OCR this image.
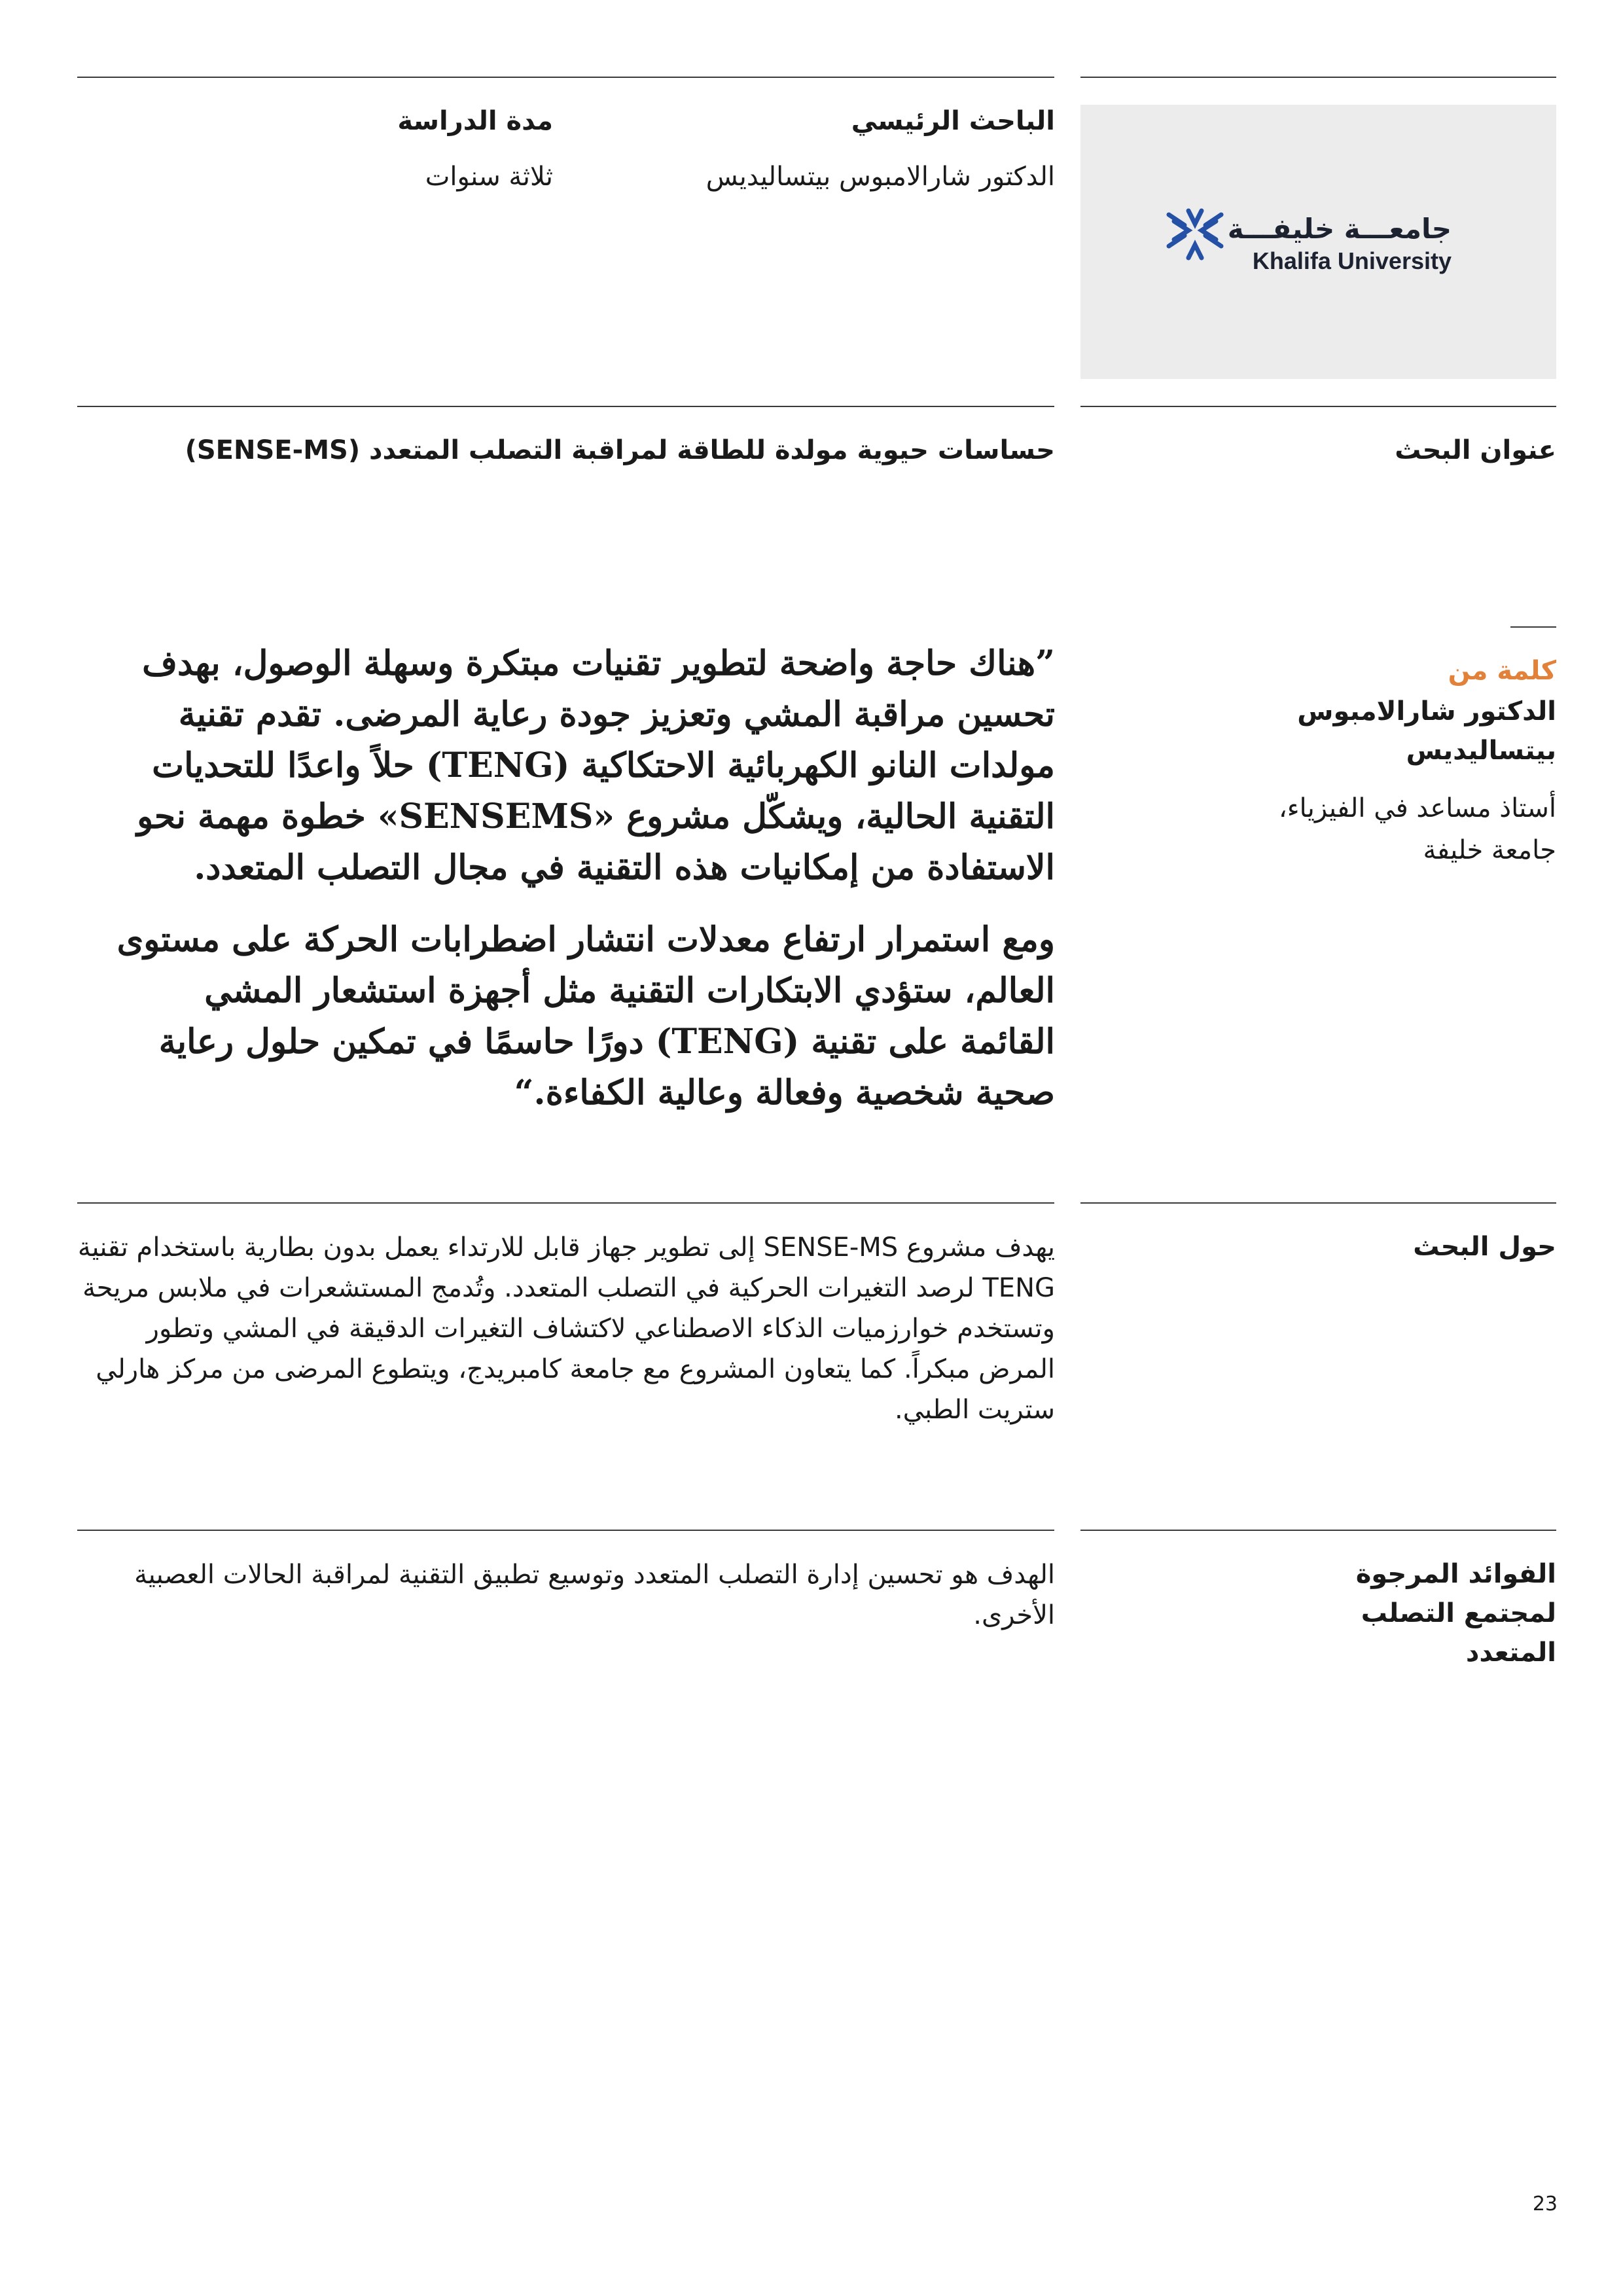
جامعـــة خليفـــة
Khalifa University
الباحث الرئيسي
الدكتور شارالامبوس بيتساليديس
مدة الدراسة
ثلاثة سنوات
عنوان البحث
حساسات حيوية مولدة للطاقة لمراقبة التصلب المتعدد (SENSE-MS)
كلمة من
الدكتور شارالامبوس بيتساليديس
أستاذ مساعد في الفيزياء، جامعة خليفة

”هناك حاجة واضحة لتطوير تقنيات مبتكرة وسهلة الوصول، بهدف تحسين مراقبة المشي وتعزيز جودة رعاية المرضى. تقدم تقنية مولدات النانو الكهربائية الاحتكاكية (TENG) حلاً واعدًا للتحديات التقنية الحالية، ويشكّل مشروع «SENSEMS» خطوة مهمة نحو الاستفادة من إمكانيات هذه التقنية في مجال التصلب المتعدد.

ومع استمرار ارتفاع معدلات انتشار اضطرابات الحركة على مستوى العالم، ستؤدي الابتكارات التقنية مثل أجهزة استشعار المشي القائمة على تقنية (TENG) دورًا حاسمًا في تمكين حلول رعاية صحية شخصية وفعالة وعالية الكفاءة.“

حول البحث
يهدف مشروع SENSE-MS إلى تطوير جهاز قابل للارتداء يعمل بدون بطارية باستخدام تقنية TENG لرصد التغيرات الحركية في التصلب المتعدد. وتُدمج المستشعرات في ملابس مريحة وتستخدم خوارزميات الذكاء الاصطناعي لاكتشاف التغيرات الدقيقة في المشي وتطور المرض مبكراً. كما يتعاون المشروع مع جامعة كامبريدج، ويتطوع المرضى من مركز هارلي ستريت الطبي.
الفوائد المرجوة لمجتمع التصلب المتعدد
الهدف هو تحسين إدارة التصلب المتعدد وتوسيع تطبيق التقنية لمراقبة الحالات العصبية الأخرى.
23
